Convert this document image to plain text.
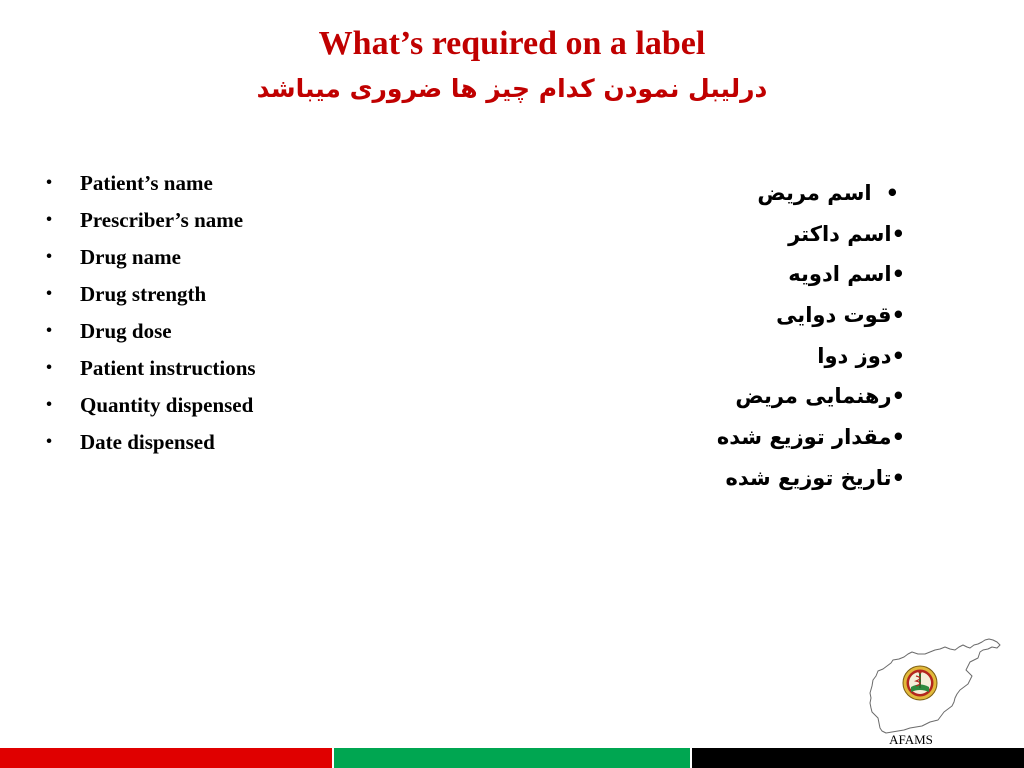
What’s required on a label
درلیبل نمودن کدام چیز ها ضروری میباشد
•
Patient’s name
•
Prescriber’s name
•
Drug name
•
Drug strength
•
Drug dose
•
Patient instructions
•
Quantity dispensed
•
Date dispensed
اسم مریض
•
اسم داکتر
•
اسم ادویه
•
قوت دوایی
•
دوز دوا
•
رهنمایی مریض
•
مقدار توزیع شده
•
تاریخ توزیع شده
•
AFAMS
